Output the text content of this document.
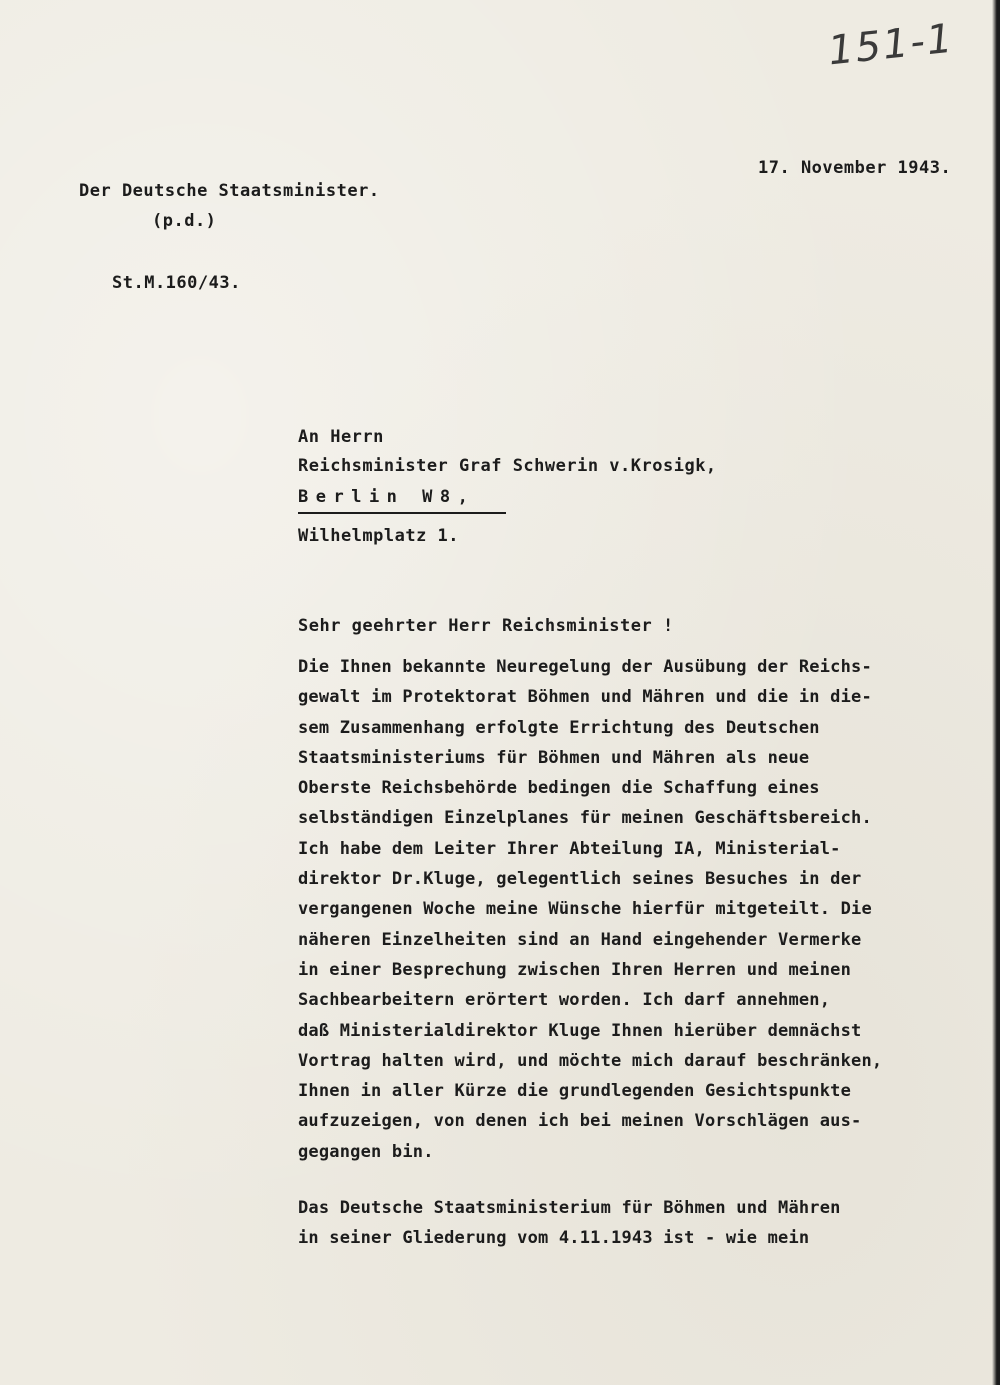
151-1
17. November 1943.
Der Deutsche Staatsminister.
(p.d.)
St.M.160/43.
An Herrn
Reichsminister Graf Schwerin v.Krosigk,
Berlin W8,
Wilhelmplatz 1.
Sehr geehrter Herr Reichsminister !

Die Ihnen bekannte Neuregelung der Ausübung der Reichs-

gewalt im Protektorat Böhmen und Mähren und die in die-

sem Zusammenhang erfolgte Errichtung des Deutschen

Staatsministeriums für Böhmen und Mähren als neue

Oberste Reichsbehörde bedingen die Schaffung eines

selbständigen Einzelplanes für meinen Geschäftsbereich.

Ich habe dem Leiter Ihrer Abteilung IA, Ministerial-

direktor Dr.Kluge, gelegentlich seines Besuches in der

vergangenen Woche meine Wünsche hierfür mitgeteilt. Die

näheren Einzelheiten sind an Hand eingehender Vermerke

in einer Besprechung zwischen Ihren Herren und meinen

Sachbearbeitern erörtert worden. Ich darf annehmen,

daß Ministerialdirektor Kluge Ihnen hierüber demnächst

Vortrag halten wird, und möchte mich darauf beschränken,

Ihnen in aller Kürze die grundlegenden Gesichtspunkte

aufzuzeigen, von denen ich bei meinen Vorschlägen aus-

gegangen bin.

Das Deutsche Staatsministerium für Böhmen und Mähren

in seiner Gliederung vom 4.11.1943 ist - wie mein
